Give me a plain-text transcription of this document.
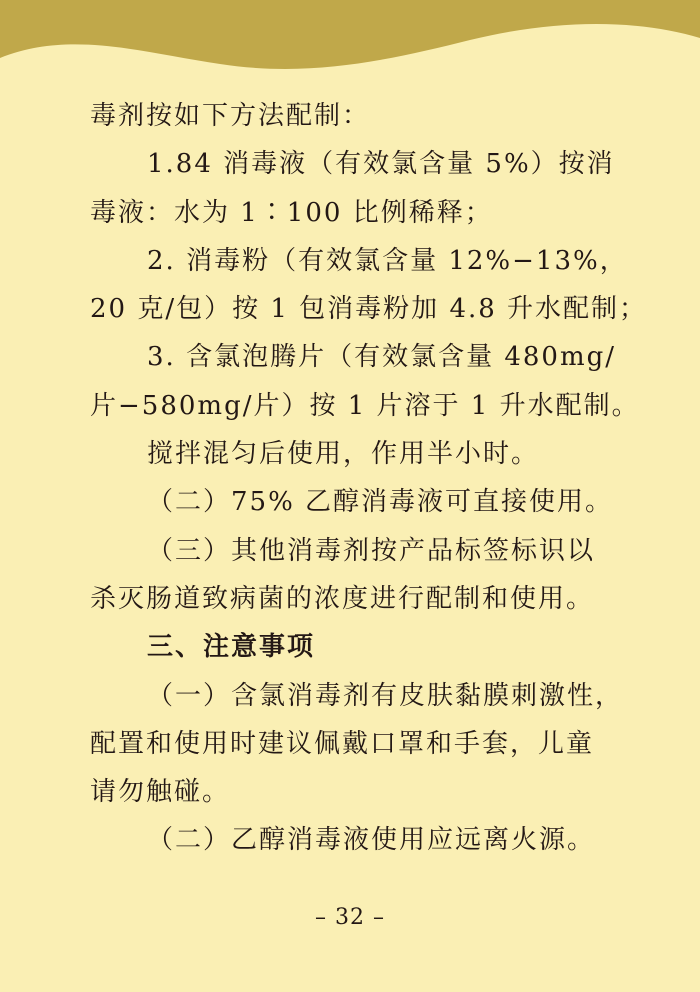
毒剂按如下方法配制：
1.84 消毒液（有效氯含量 5%）按消
毒液：水为 1∶100 比例稀释；
2. 消毒粉（有效氯含量 12%−13%，
20 克/包）按 1 包消毒粉加 4.8 升水配制；
3. 含氯泡腾片（有效氯含量 480mg/
片−580mg/片）按 1 片溶于 1 升水配制。
搅拌混匀后使用，作用半小时。
（二）75% 乙醇消毒液可直接使用。
（三）其他消毒剂按产品标签标识以
杀灭肠道致病菌的浓度进行配制和使用。
三、注意事项
（一）含氯消毒剂有皮肤黏膜刺激性，
配置和使用时建议佩戴口罩和手套，儿童
请勿触碰。
（二）乙醇消毒液使用应远离火源。
– 32 –
